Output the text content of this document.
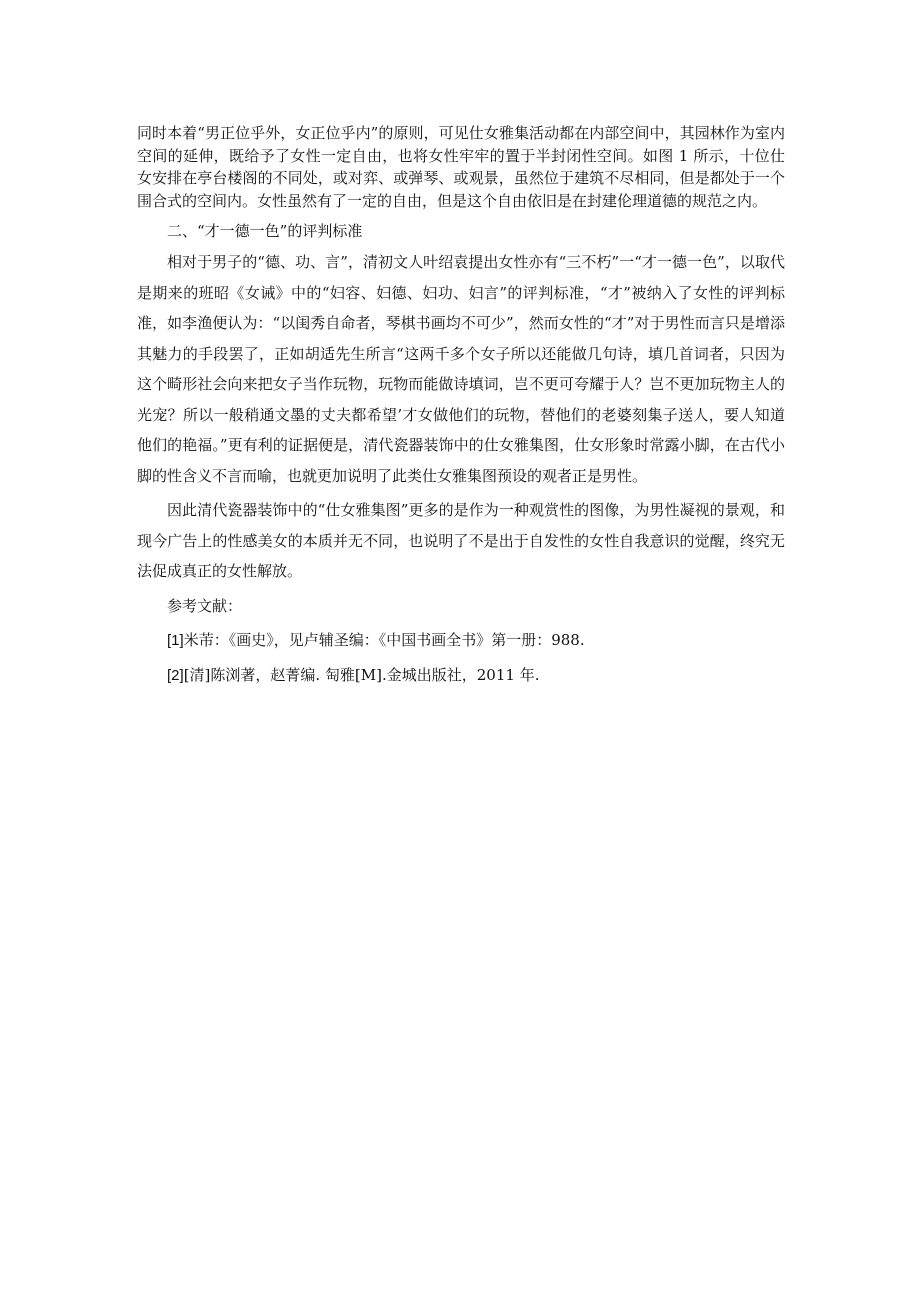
同时本着“男正位乎外，女正位乎内”的原则，可见仕女雅集活动都在内部空间中，其园林作为室内空间的延伸，既给予了女性一定自由，也将女性牢牢的置于半封闭性空间。如图 1 所示，十位仕女安排在亭台楼阁的不同处，或对弈、或弹琴、或观景，虽然位于建筑不尽相同，但是都处于一个围合式的空间内。女性虽然有了一定的自由，但是这个自由依旧是在封建伦理道德的规范之内。

二、“才一德一色”的评判标准

相对于男子的“德、功、言”，清初文人叶绍袁提出女性亦有“三不朽”一“才一德一色”，以取代是期来的班昭《女诫》中的“妇容、妇德、妇功、妇言”的评判标准，“才”被纳入了女性的评判标准，如李渔便认为：“以闺秀自命者，琴棋书画均不可少”，然而女性的“才”对于男性而言只是增添其魅力的手段罢了，正如胡适先生所言“这两千多个女子所以还能做几句诗，填几首词者，只因为这个畸形社会向来把女子当作玩物，玩物而能做诗填词，岂不更可夸耀于人？岂不更加玩物主人的光宠？所以一般稍通文墨的丈夫都希望’才女做他们的玩物，替他们的老婆刻集子送人，要人知道他们的艳福。”更有利的证据便是，清代瓷器装饰中的仕女雅集图，仕女形象时常露小脚，在古代小脚的性含义不言而喻，也就更加说明了此类仕女雅集图预设的观者正是男性。

因此清代瓷器装饰中的“仕女雅集图”更多的是作为一种观赏性的图像，为男性凝视的景观，和现今广告上的性感美女的本质并无不同，也说明了不是出于自发性的女性自我意识的觉醒，终究无法促成真正的女性解放。

参考文献：

[1]米芾：《画史》，见卢辅圣编：《中国书画全书》第一册：988.

[2][清]陈浏著，赵菁编. 匋雅[M].金城出版社，2011 年.
